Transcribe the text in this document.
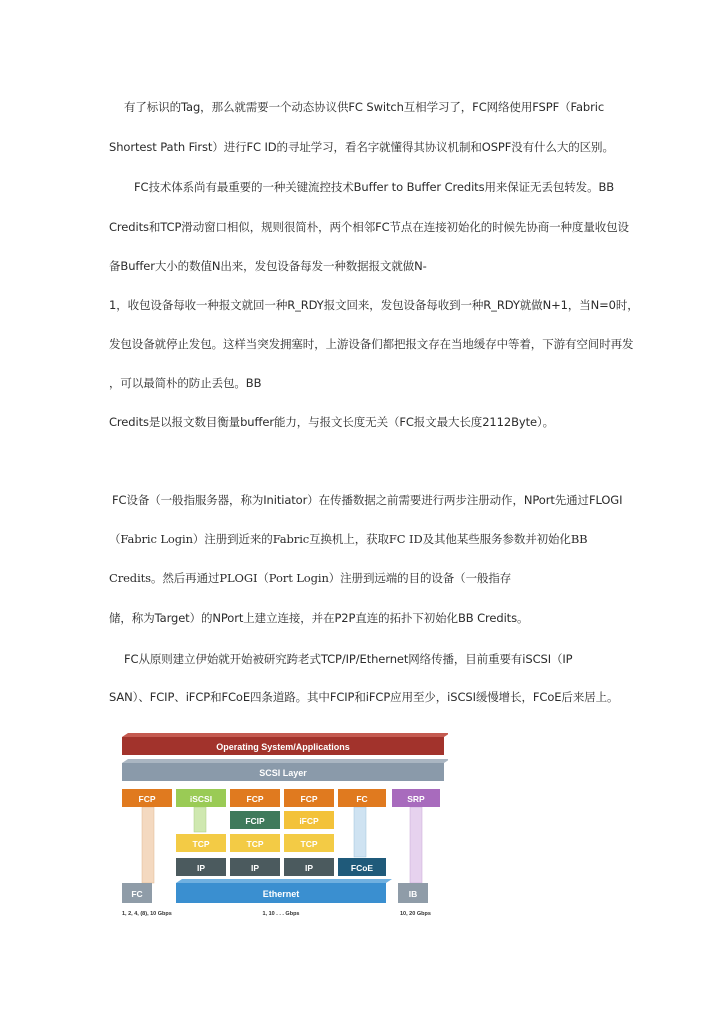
有了标识的Tag，那么就需要一个动态协议供FC Switch互相学习了，FC网络使用FSPF（Fabric
Shortest Path First）进行FC ID的寻址学习，看名字就懂得其协议机制和OSPF没有什么大的区别。
FC技术体系尚有最重要的一种关键流控技术Buffer to Buffer Credits用来保证无丢包转发。BB
Credits和TCP滑动窗口相似，规则很简朴，两个相邻FC节点在连接初始化的时候先协商一种度量收包设
备Buffer大小的数值N出来，发包设备每发一种数据报文就做N-
1，收包设备每收一种报文就回一种R_RDY报文回来，发包设备每收到一种R_RDY就做N+1，当N=0时，
发包设备就停止发包。这样当突发拥塞时，上游设备们都把报文存在当地缓存中等着，下游有空间时再发
，可以最简朴的防止丢包。BB
Credits是以报文数目衡量buffer能力，与报文长度无关（FC报文最大长度2112Byte）。
FC设备（一般指服务器，称为Initiator）在传播数据之前需要进行两步注册动作，NPort先通过FLOGI
（Fabric Login）注册到近来的Fabric互换机上，获取FC ID及其他某些服务参数并初始化BB
Credits。然后再通过PLOGI（Port Login）注册到远端的目的设备（一般指存
储，称为Target）的NPort上建立连接，并在P2P直连的拓扑下初始化BB Credits。
FC从原则建立伊始就开始被研究跨老式TCP/IP/Ethernet网络传播，目前重要有iSCSI（IP
SAN）、FCIP、iFCP和FCoE四条道路。其中FCIP和iFCP应用至少，iSCSI缓慢增长，FCoE后来居上。
Operating System/Applications
SCSI Layer
FCP	iSCSI	FCP	FCP	FC	SRP
FCIP	iFCP
TCP	TCP	TCP
IP	IP	IP	FCoE
FC	Ethernet	IB
1, 2, 4, (8), 10 Gbps	1, 10 . . . Gbps	10, 20 Gbps
